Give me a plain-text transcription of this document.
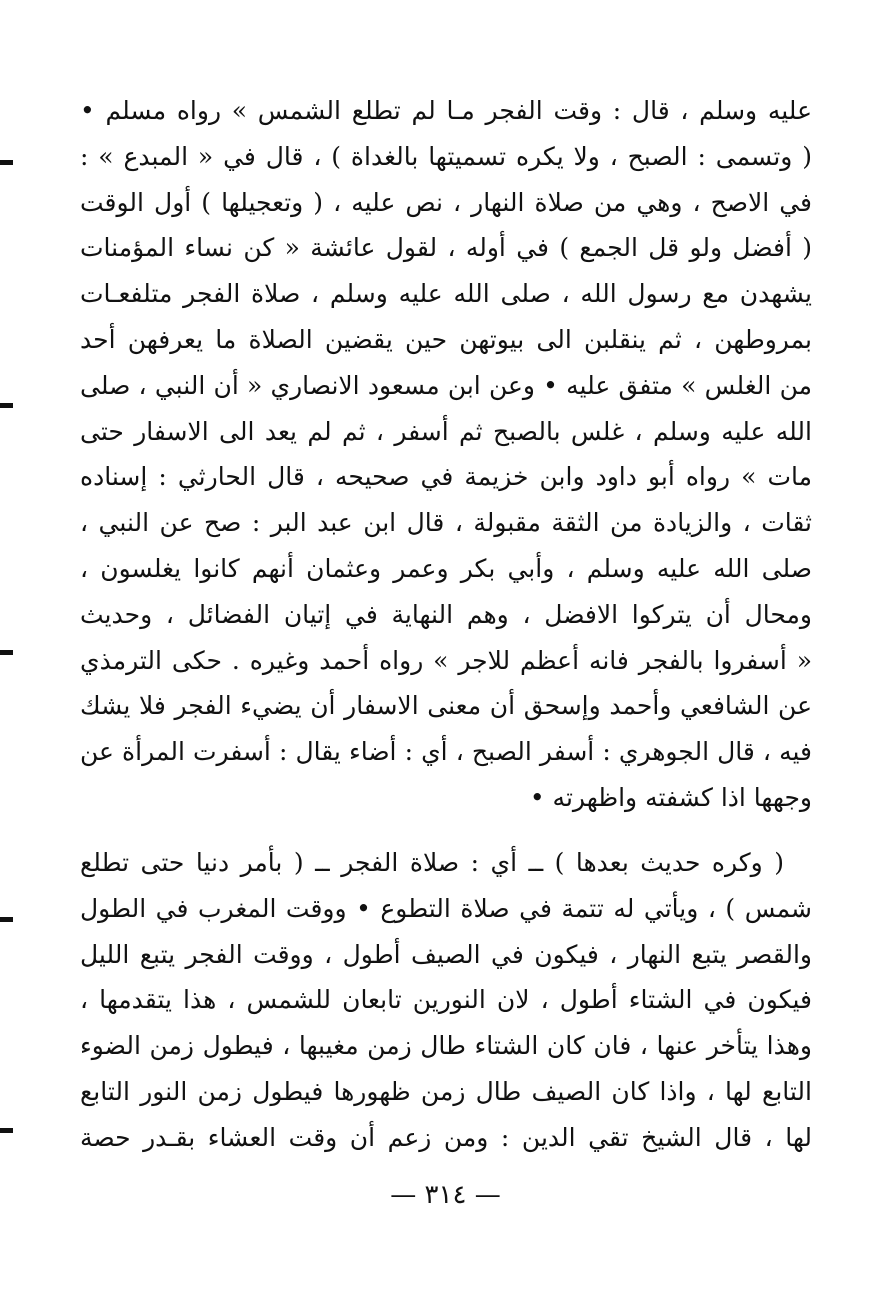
عليه وسلم ، قال : وقت الفجر مـا لم تطلع الشمس » رواه مسلم •
( وتسمى : الصبح ، ولا يكره تسميتها بالغداة ) ، قال في « المبدع » :
في الاصح ، وهي من صلاة النهار ، نص عليه ، ( وتعجيلها ) أول الوقت
( أفضل ولو قل الجمع ) في أوله ، لقول عائشة « كن نساء المؤمنات
يشهدن مع رسول الله ، صلى الله عليه وسلم ، صلاة الفجر متلفعـات
بمروطهن ، ثم ينقلبن الى بيوتهن حين يقضين الصلاة ما يعرفهن أحد
من الغلس » متفق عليه • وعن ابن مسعود الانصاري « أن النبي ، صلى
الله عليه وسلم ، غلس بالصبح ثم أسفر ، ثم لم يعد الى الاسفار حتى
مات » رواه أبو داود وابن خزيمة في صحيحه ، قال الحارثي : إسناده
ثقات ، والزيادة من الثقة مقبولة ، قال ابن عبد البر : صح عن النبي ،
صلى الله عليه وسلم ، وأبي بكر وعمر وعثمان أنهم كانوا يغلسون ،
ومحال أن يتركوا الافضل ، وهم النهاية في إتيان الفضائل ، وحديث
« أسفروا بالفجر فانه أعظم للاجر » رواه أحمد وغيره . حكى الترمذي
عن الشافعي وأحمد وإسحق أن معنى الاسفار أن يضيء الفجر فلا يشك
فيه ، قال الجوهري : أسفر الصبح ، أي : أضاء يقال : أسفرت المرأة عن
وجهها اذا كشفته واظهرته •
( وكره حديث بعدها ) ــ أي : صلاة الفجر ــ ( بأمر دنيا حتى تطلع
شمس ) ، ويأتي له تتمة في صلاة التطوع • ووقت المغرب في الطول
والقصر يتبع النهار ، فيكون في الصيف أطول ، ووقت الفجر يتبع الليل
فيكون في الشتاء أطول ، لان النورين تابعان للشمس ، هذا يتقدمها ،
وهذا يتأخر عنها ، فان كان الشتاء طال زمن مغيبها ، فيطول زمن الضوء
التابع لها ، واذا كان الصيف طال زمن ظهورها فيطول زمن النور التابع
لها ، قال الشيخ تقي الدين : ومن زعم أن وقت العشاء بقـدر حصة
— ٣١٤ —
